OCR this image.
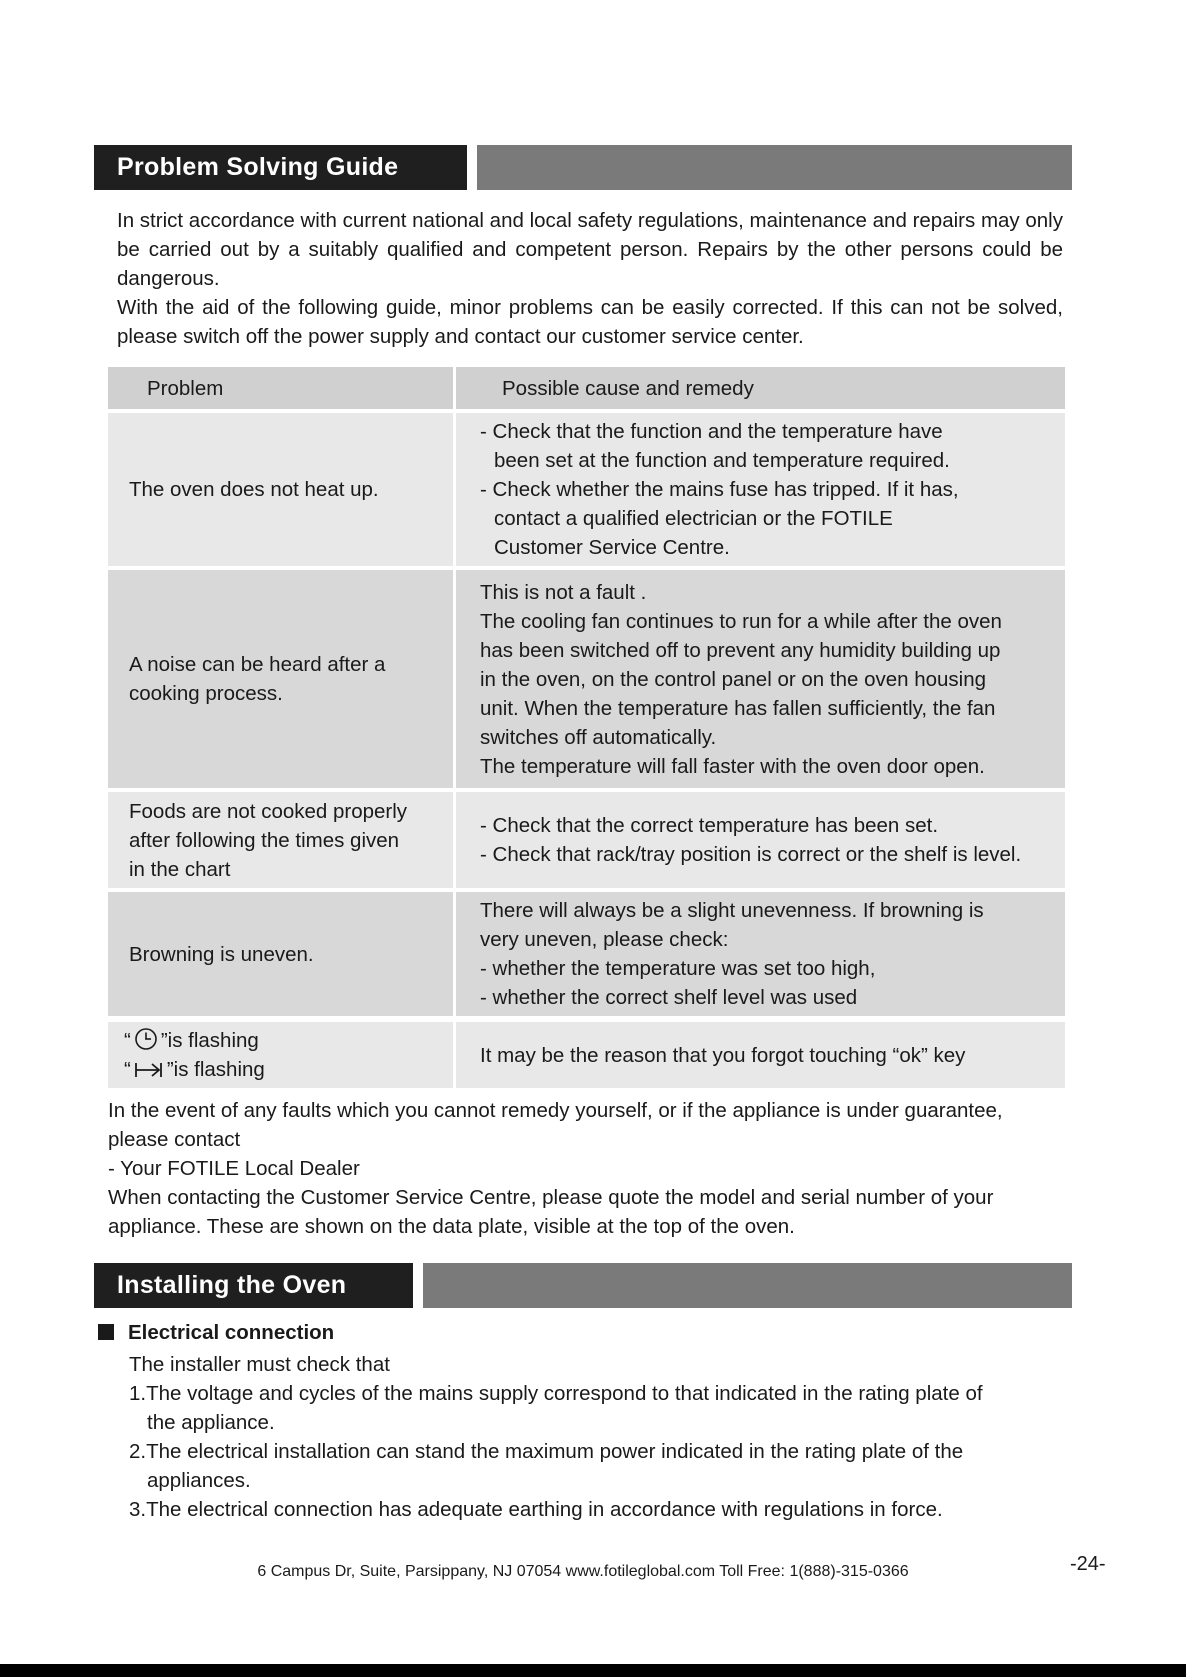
Problem Solving Guide
In strict accordance with current national and local safety regulations, maintenance and repairs may only be carried out by a suitably qualified and competent person. Repairs by the other persons could be dangerous.
With the aid of the following guide, minor problems can be easily corrected. If this can not be solved, please switch off the power supply and contact our customer service center.
Problem	Possible cause and remedy
The oven does not heat up.
- Check that the function and the temperature have
been set at the function and temperature required.
- Check whether the mains fuse has tripped. If it has,
contact a qualified electrician or the FOTILE
Customer Service Centre.
A noise can be heard after a
cooking process.
This is not a fault .
The cooling fan continues to run for a while after the oven
has been switched off to prevent any humidity building up
in the oven, on the control panel or on the oven housing
unit. When the temperature has fallen sufficiently, the fan
switches off automatically.
The temperature will fall faster with the oven door open.
Foods are not cooked properly
after following the times given
in the chart
- Check that the correct temperature has been set.
- Check that rack/tray position is correct or the shelf is level.
Browning is uneven.
There will always be a slight unevenness. If browning is
very uneven, please check:
- whether the temperature was set too high,
- whether the correct shelf level was used
“ ”is flashing
“ ”is flashing
It may be the reason that you forgot touching “ok” key
In the event of any faults which you cannot remedy yourself, or if the appliance is under guarantee, please contact
- Your FOTILE Local Dealer
When contacting the Customer Service Centre, please quote the model and serial number of your appliance. These are shown on the data plate, visible at the top of the oven.
Installing the Oven
Electrical connection
The installer must check that
1.The voltage and cycles of the mains supply correspond to that indicated in the rating plate of
the appliance.
2.The electrical installation can stand the maximum power indicated in the rating plate of the
appliances.
3.The electrical connection has adequate earthing in accordance with regulations in force.
6 Campus Dr, Suite, Parsippany, NJ 07054 www.fotileglobal.com Toll Free: 1(888)-315-0366	-24-
